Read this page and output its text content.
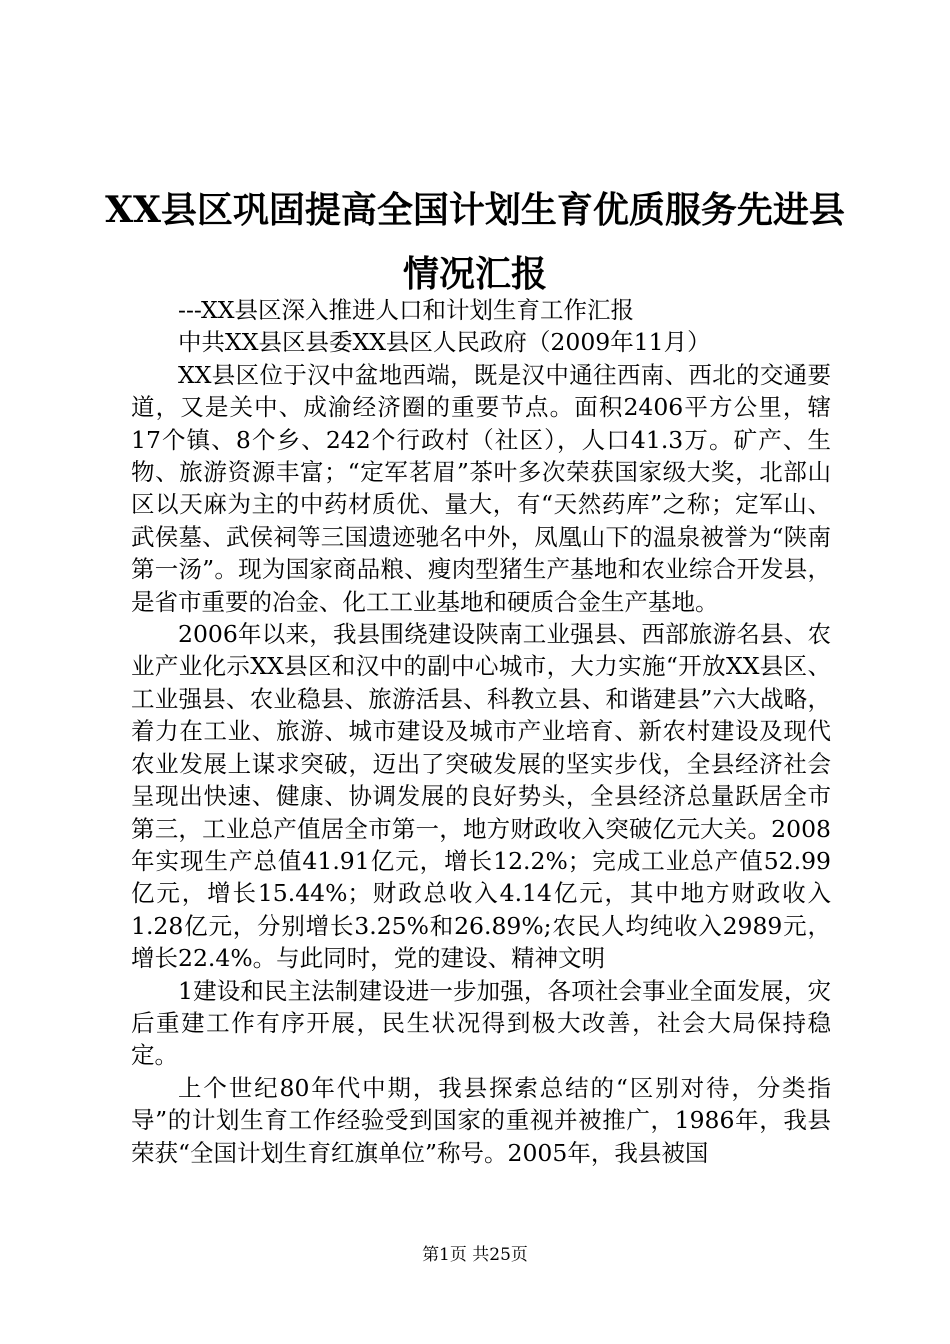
XX县区巩固提高全国计划生育优质服务先进县情况汇报

---XX县区深入推进人口和计划生育工作汇报

中共XX县区县委XX县区人民政府（2009年11月）

XX县区位于汉中盆地西端，既是汉中通往西南、西北的交通要道，又是关中、成渝经济圈的重要节点。面积2406平方公里，辖17个镇、8个乡、242个行政村（社区），人口41.3万。矿产、生物、旅游资源丰富；“定军茗眉”茶叶多次荣获国家级大奖，北部山区以天麻为主的中药材质优、量大，有“天然药库”之称；定军山、武侯墓、武侯祠等三国遗迹驰名中外，凤凰山下的温泉被誉为“陕南第一汤”。现为国家商品粮、瘦肉型猪生产基地和农业综合开发县，是省市重要的冶金、化工工业基地和硬质合金生产基地。

2006年以来，我县围绕建设陕南工业强县、西部旅游名县、农业产业化示XX县区和汉中的副中心城市，大力实施“开放XX县区、工业强县、农业稳县、旅游活县、科教立县、和谐建县”六大战略，着力在工业、旅游、城市建设及城市产业培育、新农村建设及现代农业发展上谋求突破，迈出了突破发展的坚实步伐，全县经济社会呈现出快速、健康、协调发展的良好势头，全县经济总量跃居全市第三，工业总产值居全市第一，地方财政收入突破亿元大关。2008年实现生产总值41.91亿元，增长12.2%；完成工业总产值52.99亿元，增长15.44%；财政总收入4.14亿元，其中地方财政收入1.28亿元，分别增长3.25%和26.89%;农民人均纯收入2989元，增长22.4%。与此同时，党的建设、精神文明

1建设和民主法制建设进一步加强，各项社会事业全面发展，灾后重建工作有序开展，民生状况得到极大改善，社会大局保持稳定。

上个世纪80年代中期，我县探索总结的“区别对待，分类指导”的计划生育工作经验受到国家的重视并被推广，1986年，我县荣获“全国计划生育红旗单位”称号。2005年，我县被国

第1页 共25页
